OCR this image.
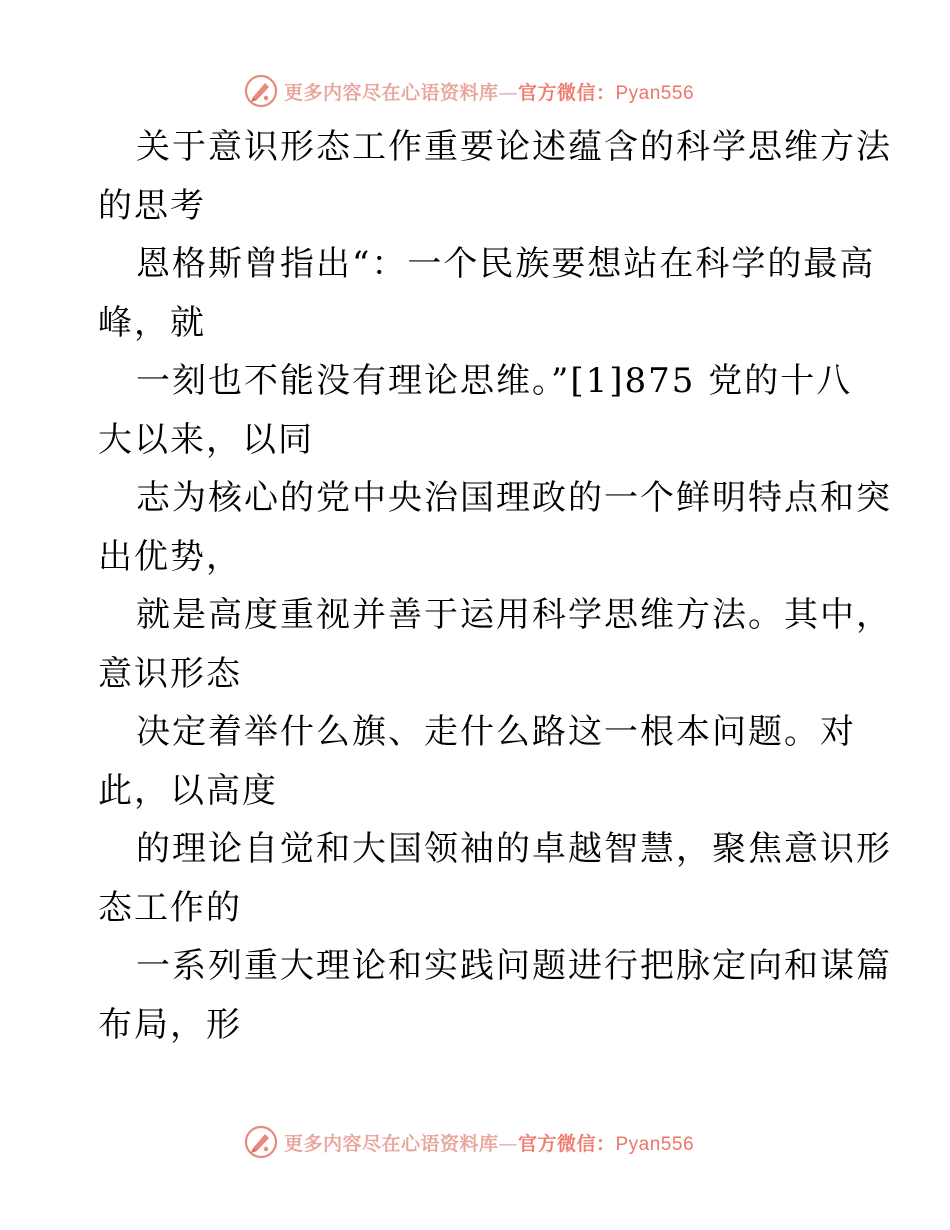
更多内容尽在心语资料库—官方微信：Pyan556
关于意识形态工作重要论述蕴含的科学思维方法
的思考
恩格斯曾指出“：一个民族要想站在科学的最高
峰，就
一刻也不能没有理论思维。”[1]875 党的十八
大以来，以同
志为核心的党中央治国理政的一个鲜明特点和突
出优势，
就是高度重视并善于运用科学思维方法。其中，
意识形态
决定着举什么旗、走什么路这一根本问题。对
此，以高度
的理论自觉和大国领袖的卓越智慧，聚焦意识形
态工作的
一系列重大理论和实践问题进行把脉定向和谋篇
布局，形
更多内容尽在心语资料库—官方微信：Pyan556
